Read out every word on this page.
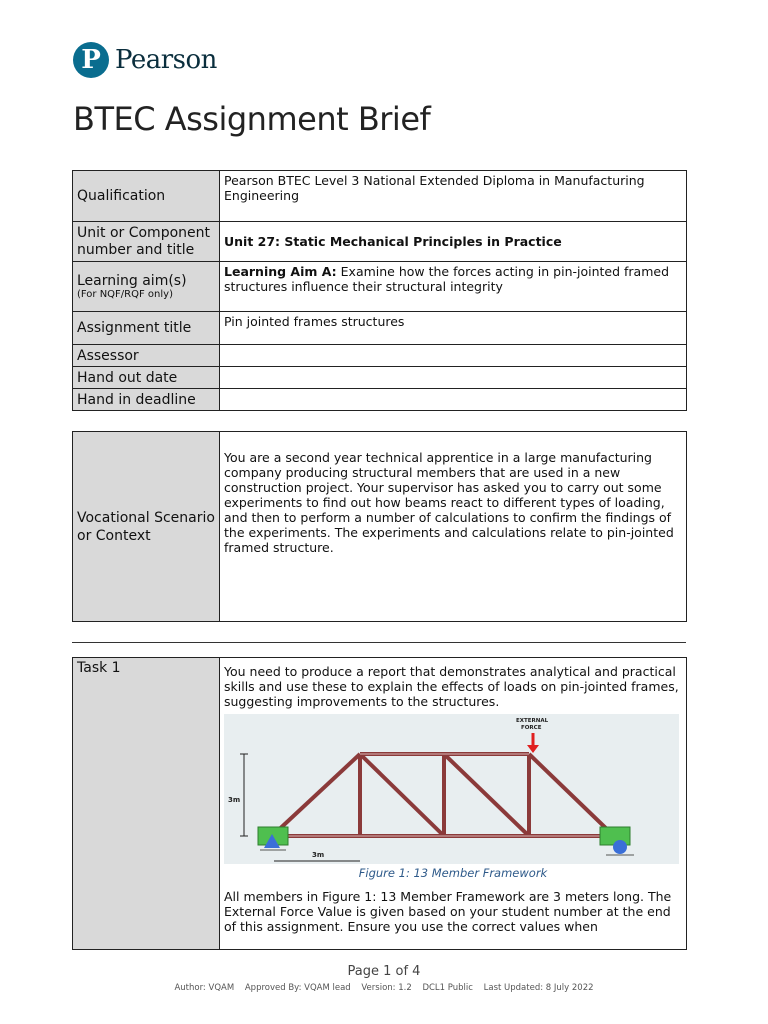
P Pearson
BTEC Assignment Brief
Qualification	Pearson BTEC Level 3 National Extended Diploma in Manufacturing Engineering
Unit or Component number and title	Unit 27: Static Mechanical Principles in Practice
Learning aim(s)
(For NQF/RQF only)	Learning Aim A: Examine how the forces acting in pin-jointed framed structures influence their structural integrity
Assignment title	Pin jointed frames structures
Assessor	
Hand out date	
Hand in deadline	
Vocational Scenario or Context	You are a second year technical apprentice in a large manufacturing company producing structural members that are used in a new construction project. Your supervisor has asked you to carry out some experiments to find out how beams react to different types of loading, and then to perform a number of calculations to confirm the findings of the experiments. The experiments and calculations relate to pin-jointed framed structure.
Task 1	You need to produce a report that demonstrates analytical and practical skills and use these to explain the effects of loads on pin-jointed frames, suggesting improvements to the structures.
3m
3m
EXTERNAL
FORCE
Figure 1: 13 Member Framework
All members in Figure 1: 13 Member Framework are 3 meters long. The External Force Value is given based on your student number at the end of this assignment. Ensure you use the correct values when
Page 1 of 4
Author: VQAM Approved By: VQAM lead Version: 1.2 DCL1 Public Last Updated: 8 July 2022
